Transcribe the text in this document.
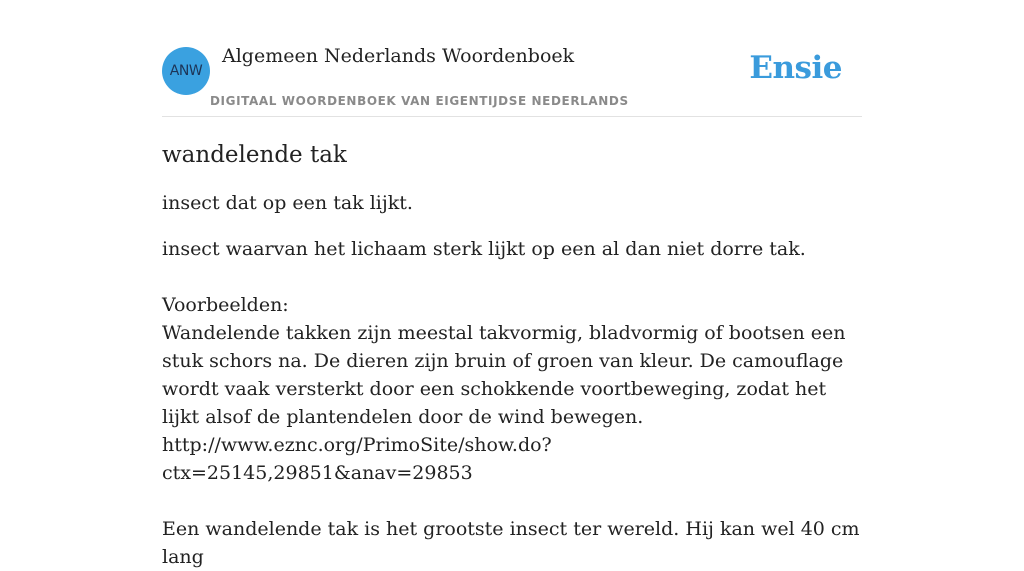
ANW
Algemeen Nederlands Woordenboek
DIGITAAL WOORDENBOEK VAN EIGENTIJDSE NEDERLANDS
Ensie
wandelende tak

insect dat op een tak lijkt.

insect waarvan het lichaam sterk lijkt op een al dan niet dorre tak.

Voorbeelden:
Wandelende takken zijn meestal takvormig, bladvormig of bootsen een stuk schors na. De dieren zijn bruin of groen van kleur. De camouflage wordt vaak versterkt door een schokkende voortbeweging, zodat het lijkt alsof de plantendelen door de wind bewegen.
http://www.eznc.org/PrimoSite/show.do?ctx=25145,29851&anav=29853

Een wandelende tak is het grootste insect ter wereld. Hij kan wel 40 cm lang
